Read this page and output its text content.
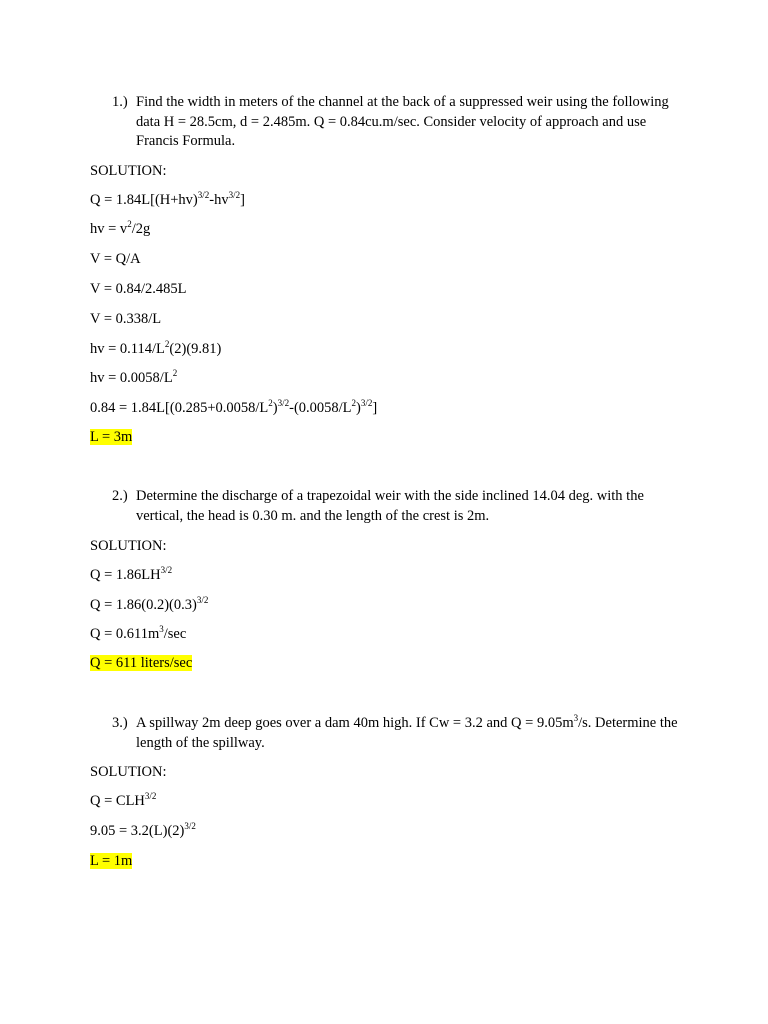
1.) Find the width in meters of the channel at the back of a suppressed weir using the following data H = 28.5cm, d = 2.485m. Q = 0.84cu.m/sec. Consider velocity of approach and use Francis Formula.
SOLUTION:
$Q = 1.84L[(H+hv)^{3/2}-hv^{3/2}]$
hv = $v^2/2g$
V = Q/A
V = 0.84/2.485L
V = 0.338/L
hv = $0.114/L^2(2)(9.81)$
hv = $0.0058/L^2$
$0.84 = 1.84L[(0.285+0.0058/L^2)^{3/2}-(0.0058/L^2)^{3/2}]$
L = 3m
2.) Determine the discharge of a trapezoidal weir with the side inclined 14.04 deg. with the vertical, the head is 0.30 m. and the length of the crest is 2m.
SOLUTION:
$Q = 1.86LH^{3/2}$
$Q = 1.86(0.2)(0.3)^{3/2}$
$Q = 0.611m^3/\sec$
Q = 611 liters/sec
3.) A spillway 2m deep goes over a dam 40m high. If Cw = 3.2 and $Q = 9.05m^3/s$. Determine the length of the spillway.
SOLUTION:
$Q = CLH^{3/2}$
$9.05 = 3.2(L)(2)^{3/2}$
L = 1m
